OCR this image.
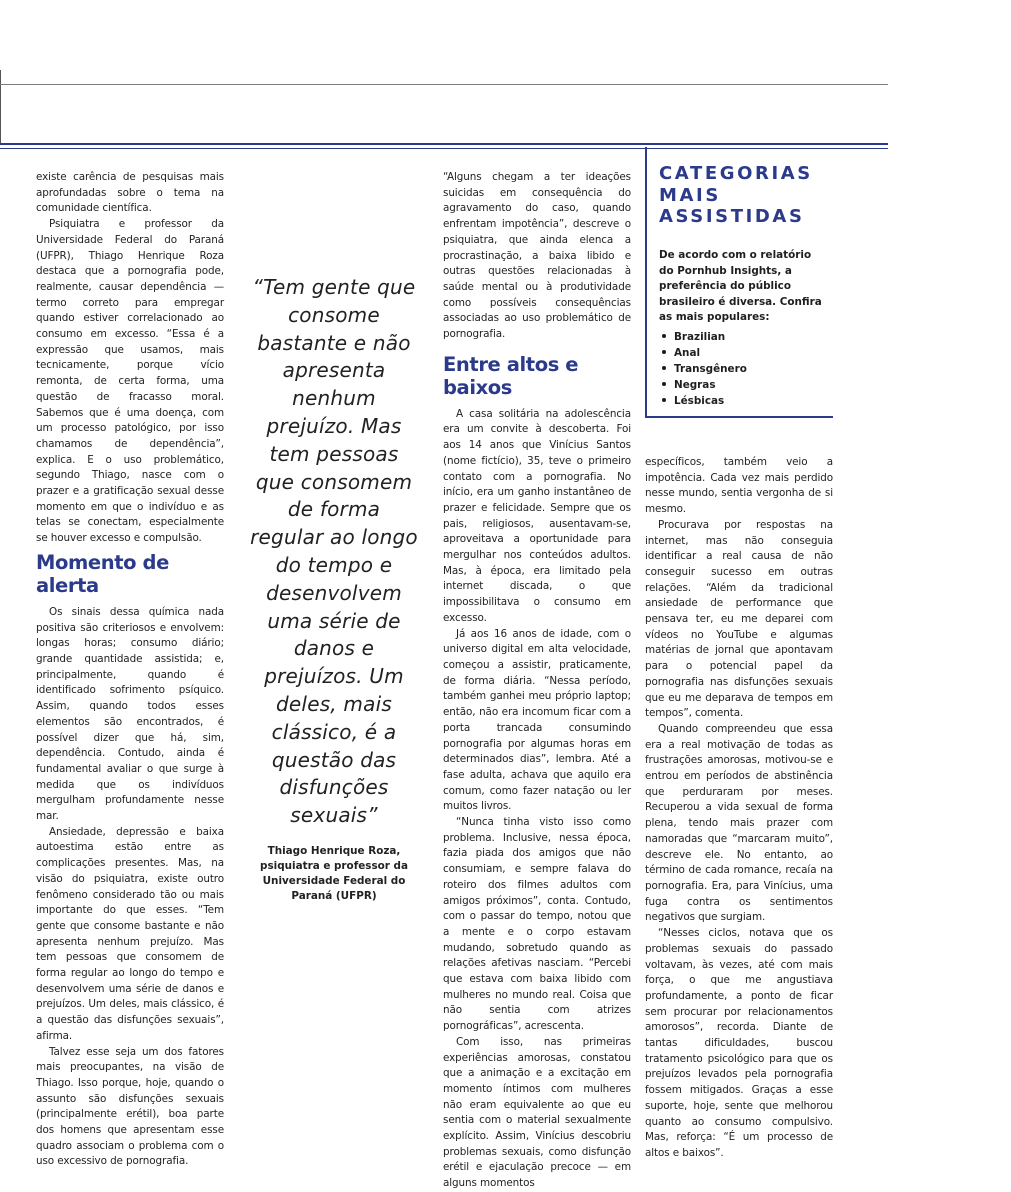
existe carência de pesquisas mais aprofundadas sobre o tema na comunidade científica.

Psiquiatra e professor da Universidade Federal do Paraná (UFPR), Thiago Henrique Roza destaca que a pornografia pode, realmente, causar dependência — termo correto para empregar quando estiver correlacionado ao consumo em excesso. “Essa é a expressão que usamos, mais tecnicamente, porque vício remonta, de certa forma, uma questão de fracasso moral. Sabemos que é uma doença, com um processo patológico, por isso chamamos de dependência”, explica. E o uso problemático, segundo Thiago, nasce com o prazer e a gratificação sexual desse momento em que o indivíduo e as telas se conectam, especialmente se houver excesso e compulsão.

Momento de alerta

Os sinais dessa química nada positiva são criteriosos e envolvem: longas horas; consumo diário; grande quantidade assistida; e, principalmente, quando é identificado sofrimento psíquico. Assim, quando todos esses elementos são encontrados, é possível dizer que há, sim, dependência. Contudo, ainda é fundamental avaliar o que surge à medida que os indivíduos mergulham profundamente nesse mar.

Ansiedade, depressão e baixa autoestima estão entre as complicações presentes. Mas, na visão do psiquiatra, existe outro fenômeno considerado tão ou mais importante do que esses. “Tem gente que consome bastante e não apresenta nenhum prejuízo. Mas tem pessoas que consomem de forma regular ao longo do tempo e desenvolvem uma série de danos e prejuízos. Um deles, mais clássico, é a questão das disfunções sexuais”, afirma.

Talvez esse seja um dos fatores mais preocupantes, na visão de Thiago. Isso porque, hoje, quando o assunto são disfunções sexuais (principalmente erétil), boa parte dos homens que apresentam esse quadro associam o problema com o uso excessivo de pornografia.

“Tem gente que consome bastante e não apresenta nenhum prejuízo. Mas tem pessoas que consomem de forma regular ao longo do tempo e desenvolvem uma série de danos e prejuízos. Um deles, mais clássico, é a questão das disfunções sexuais”
Thiago Henrique Roza, psiquiatra e professor da Universidade Federal do Paraná (UFPR)

“Alguns chegam a ter ideações suicidas em consequência do agravamento do caso, quando enfrentam impotência”, descreve o psiquiatra, que ainda elenca a procrastinação, a baixa libido e outras questões relacionadas à saúde mental ou à produtividade como possíveis consequências associadas ao uso problemático de pornografia.

Entre altos e baixos

A casa solitária na adolescência era um convite à descoberta. Foi aos 14 anos que Vinícius Santos (nome fictício), 35, teve o primeiro contato com a pornografia. No início, era um ganho instantâneo de prazer e felicidade. Sempre que os pais, religiosos, ausentavam-se, aproveitava a oportunidade para mergulhar nos conteúdos adultos. Mas, à época, era limitado pela internet discada, o que impossibilitava o consumo em excesso.

Já aos 16 anos de idade, com o universo digital em alta velocidade, começou a assistir, praticamente, de forma diária. “Nessa período, também ganhei meu próprio laptop; então, não era incomum ficar com a porta trancada consumindo pornografia por algumas horas em determinados dias”, lembra. Até a fase adulta, achava que aquilo era comum, como fazer natação ou ler muitos livros.

“Nunca tinha visto isso como problema. Inclusive, nessa época, fazia piada dos amigos que não consumiam, e sempre falava do roteiro dos filmes adultos com amigos próximos”, conta. Contudo, com o passar do tempo, notou que a mente e o corpo estavam mudando, sobretudo quando as relações afetivas nasciam. “Percebi que estava com baixa libido com mulheres no mundo real. Coisa que não sentia com atrizes pornográficas”, acrescenta.

Com isso, nas primeiras experiências amorosas, constatou que a animação e a excitação em momento íntimos com mulheres não eram equivalente ao que eu sentia com o material sexualmente explícito. Assim, Vinícius descobriu problemas sexuais, como disfunção erétil e ejaculação precoce — em alguns momentos

CATEGORIAS MAIS ASSISTIDAS
De acordo com o relatório do Pornhub Insights, a preferência do público brasileiro é diversa. Confira as mais populares:
Brazilian
Anal
Transgênero
Negras
Lésbicas

específicos, também veio a impotência. Cada vez mais perdido nesse mundo, sentia vergonha de si mesmo.

Procurava por respostas na internet, mas não conseguia identificar a real causa de não conseguir sucesso em outras relações. “Além da tradicional ansiedade de performance que pensava ter, eu me deparei com vídeos no YouTube e algumas matérias de jornal que apontavam para o potencial papel da pornografia nas disfunções sexuais que eu me deparava de tempos em tempos”, comenta.

Quando compreendeu que essa era a real motivação de todas as frustrações amorosas, motivou-se e entrou em períodos de abstinência que perduraram por meses. Recuperou a vida sexual de forma plena, tendo mais prazer com namoradas que “marcaram muito”, descreve ele. No entanto, ao término de cada romance, recaía na pornografia. Era, para Vinícius, uma fuga contra os sentimentos negativos que surgiam.

“Nesses ciclos, notava que os problemas sexuais do passado voltavam, às vezes, até com mais força, o que me angustiava profundamente, a ponto de ficar sem procurar por relacionamentos amorosos”, recorda. Diante de tantas dificuldades, buscou tratamento psicológico para que os prejuízos levados pela pornografia fossem mitigados. Graças a esse suporte, hoje, sente que melhorou quanto ao consumo compulsivo. Mas, reforça: “É um processo de altos e baixos”.
